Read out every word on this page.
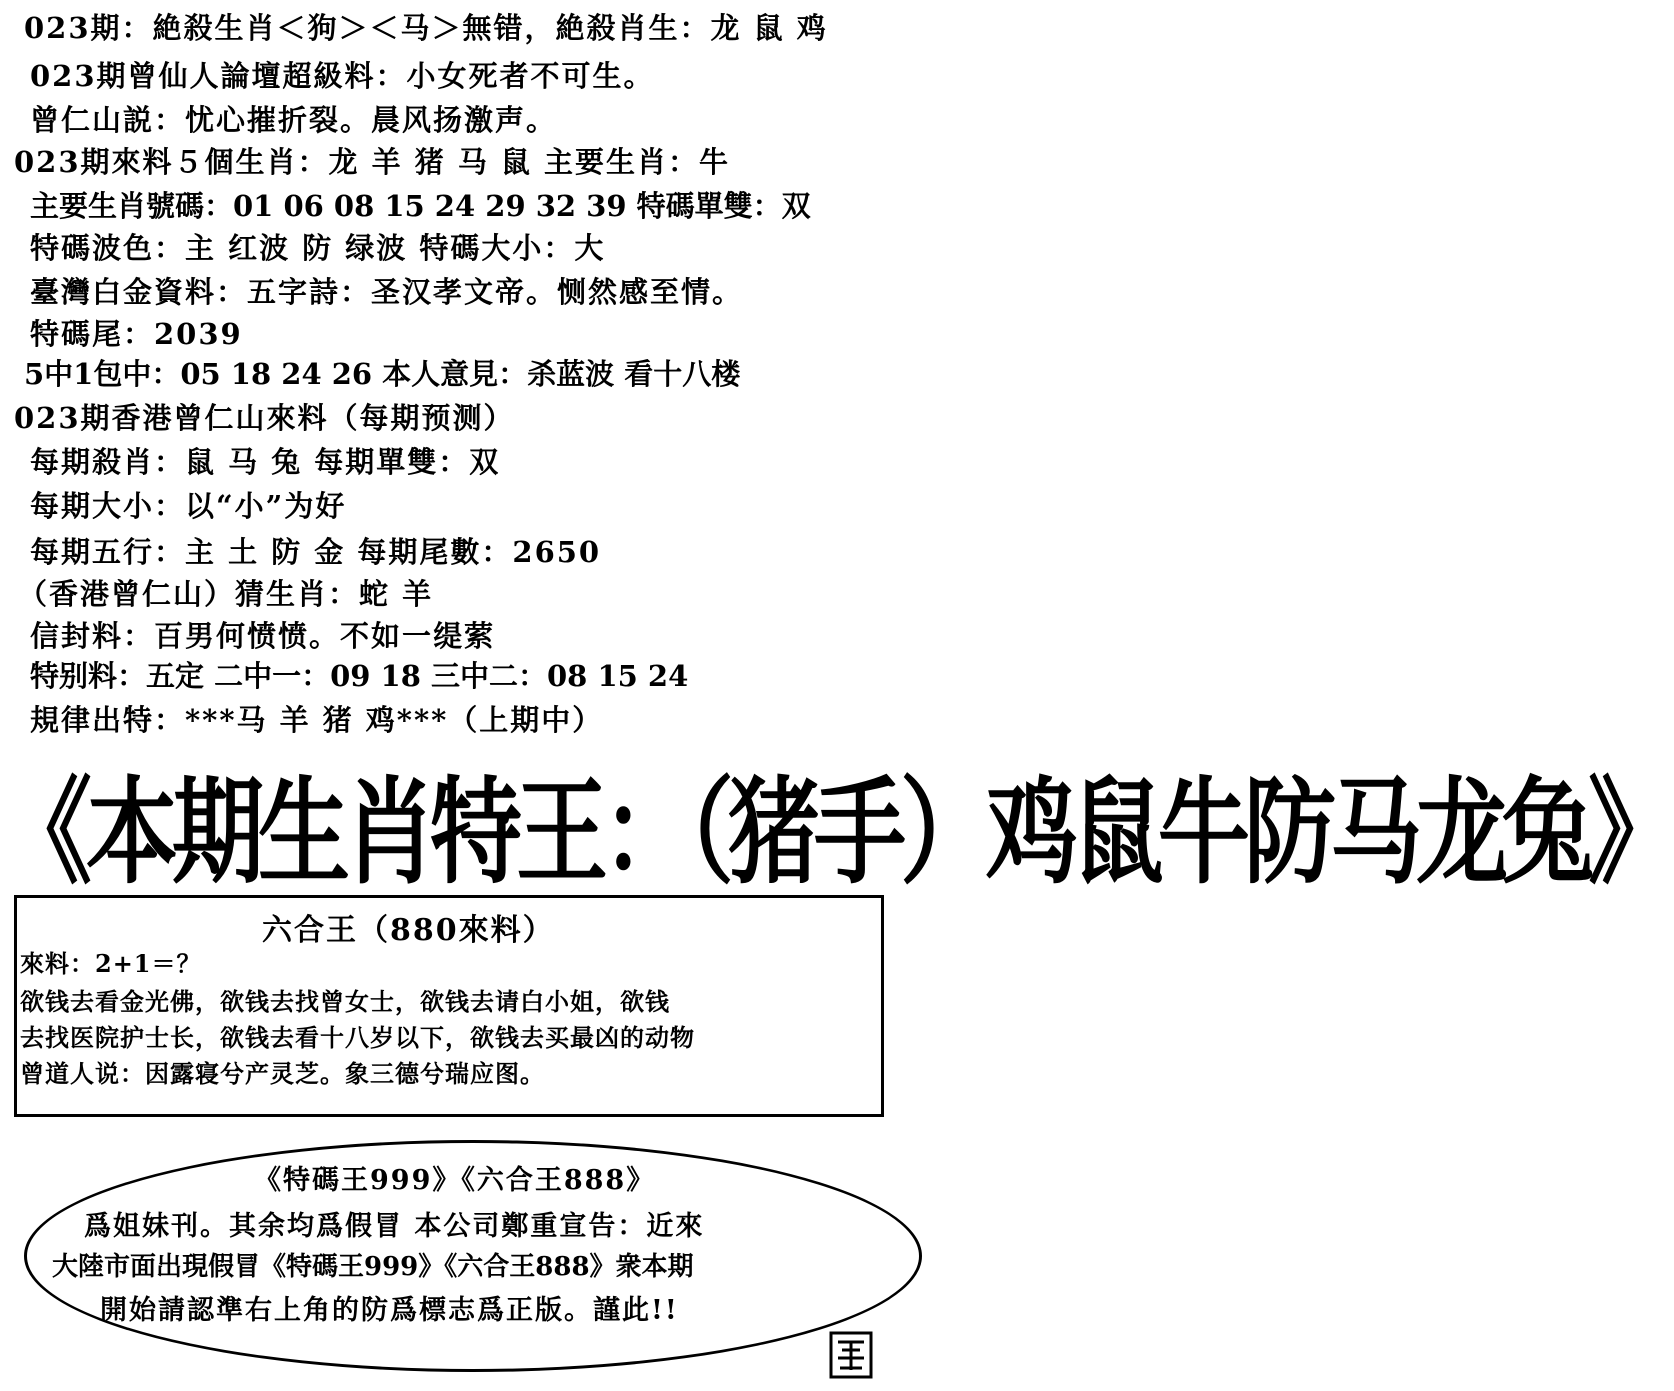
023期：絶殺生肖＜狗＞＜马＞無错，絶殺肖生：龙 鼠 鸡
023期曾仙人論壇超級料：小女死者不可生。
曾仁山説：忧心摧折裂。晨风扬激声。
023期來料５個生肖：龙 羊 猪 马 鼠 主要生肖：牛
主要生肖號碼：01 06 08 15 24 29 32 39 特碼單雙：双
特碼波色：主 红波 防 绿波 特碼大小：大
臺灣白金資料：五字詩：圣汉孝文帝。恻然感至情。
特碼尾：2039
5中1包中：05 18 24 26 本人意見：杀蓝波 看十八楼
023期香港曾仁山來料（每期预测）
每期殺肖：鼠 马 兔 每期單雙：双
每期大小：以“小”为好
每期五行：主 土 防 金 每期尾數：2650
（香港曾仁山）猜生肖：蛇 羊
信封料：百男何愤愤。不如一缇萦
特别料：五定 二中一：09 18 三中二：08 15 24
規律出特：***马 羊 猪 鸡***（上期中）
《本期生肖特王：（猪手）鸡鼠牛防马龙兔》
六合王（880來料）
來料：2+1＝？
欲钱去看金光佛，欲钱去找曾女士，欲钱去请白小姐，欲钱
去找医院护士长，欲钱去看十八岁以下，欲钱去买最凶的动物
曾道人说：因露寝兮产灵芝。象三德兮瑞应图。
《特碼王999》《六合王888》
爲姐妹刊。其余均爲假冒 本公司鄭重宣告：近來
大陸市面出現假冒《特碼王999》《六合王888》衆本期
開始請認準右上角的防爲標志爲正版。謹此!!
